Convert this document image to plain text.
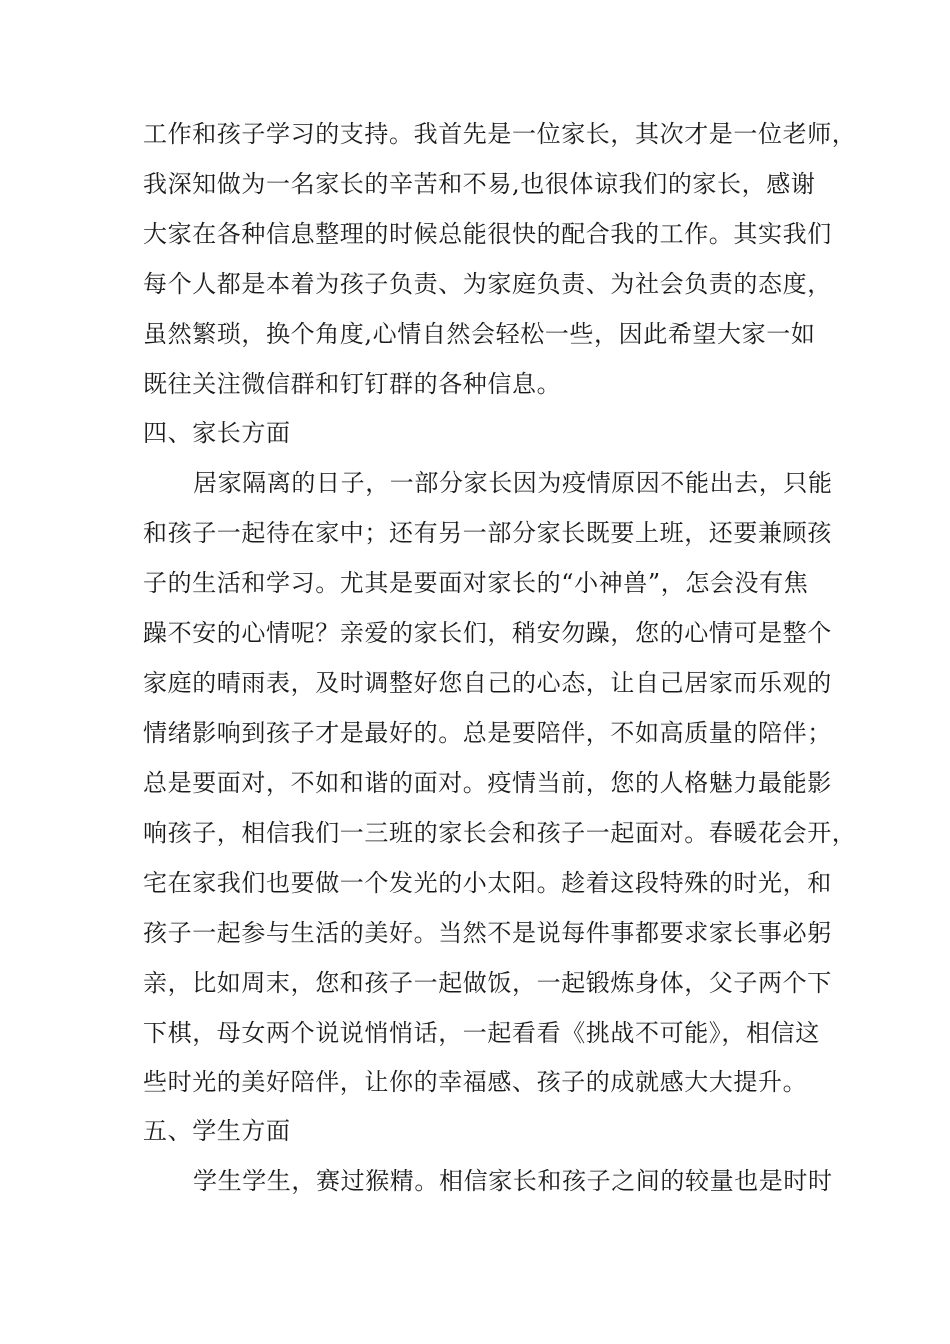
工作和孩子学习的支持。我首先是一位家长，其次才是一位老师，
我深知做为一名家长的辛苦和不易,也很体谅我们的家长，感谢
大家在各种信息整理的时候总能很快的配合我的工作。其实我们
每个人都是本着为孩子负责、为家庭负责、为社会负责的态度，
虽然繁琐，换个角度,心情自然会轻松一些，因此希望大家一如
既往关注微信群和钉钉群的各种信息。
四、家长方面
居家隔离的日子，一部分家长因为疫情原因不能出去，只能
和孩子一起待在家中；还有另一部分家长既要上班，还要兼顾孩
子的生活和学习。尤其是要面对家长的“小神兽”，怎会没有焦
躁不安的心情呢？亲爱的家长们，稍安勿躁，您的心情可是整个
家庭的晴雨表，及时调整好您自己的心态，让自己居家而乐观的
情绪影响到孩子才是最好的。总是要陪伴，不如高质量的陪伴；
总是要面对，不如和谐的面对。疫情当前，您的人格魅力最能影
响孩子，相信我们一三班的家长会和孩子一起面对。春暖花会开，
宅在家我们也要做一个发光的小太阳。趁着这段特殊的时光，和
孩子一起参与生活的美好。当然不是说每件事都要求家长事必躬
亲，比如周末，您和孩子一起做饭，一起锻炼身体，父子两个下
下棋，母女两个说说悄悄话，一起看看《挑战不可能》，相信这
些时光的美好陪伴，让你的幸福感、孩子的成就感大大提升。
五、学生方面
学生学生，赛过猴精。相信家长和孩子之间的较量也是时时
